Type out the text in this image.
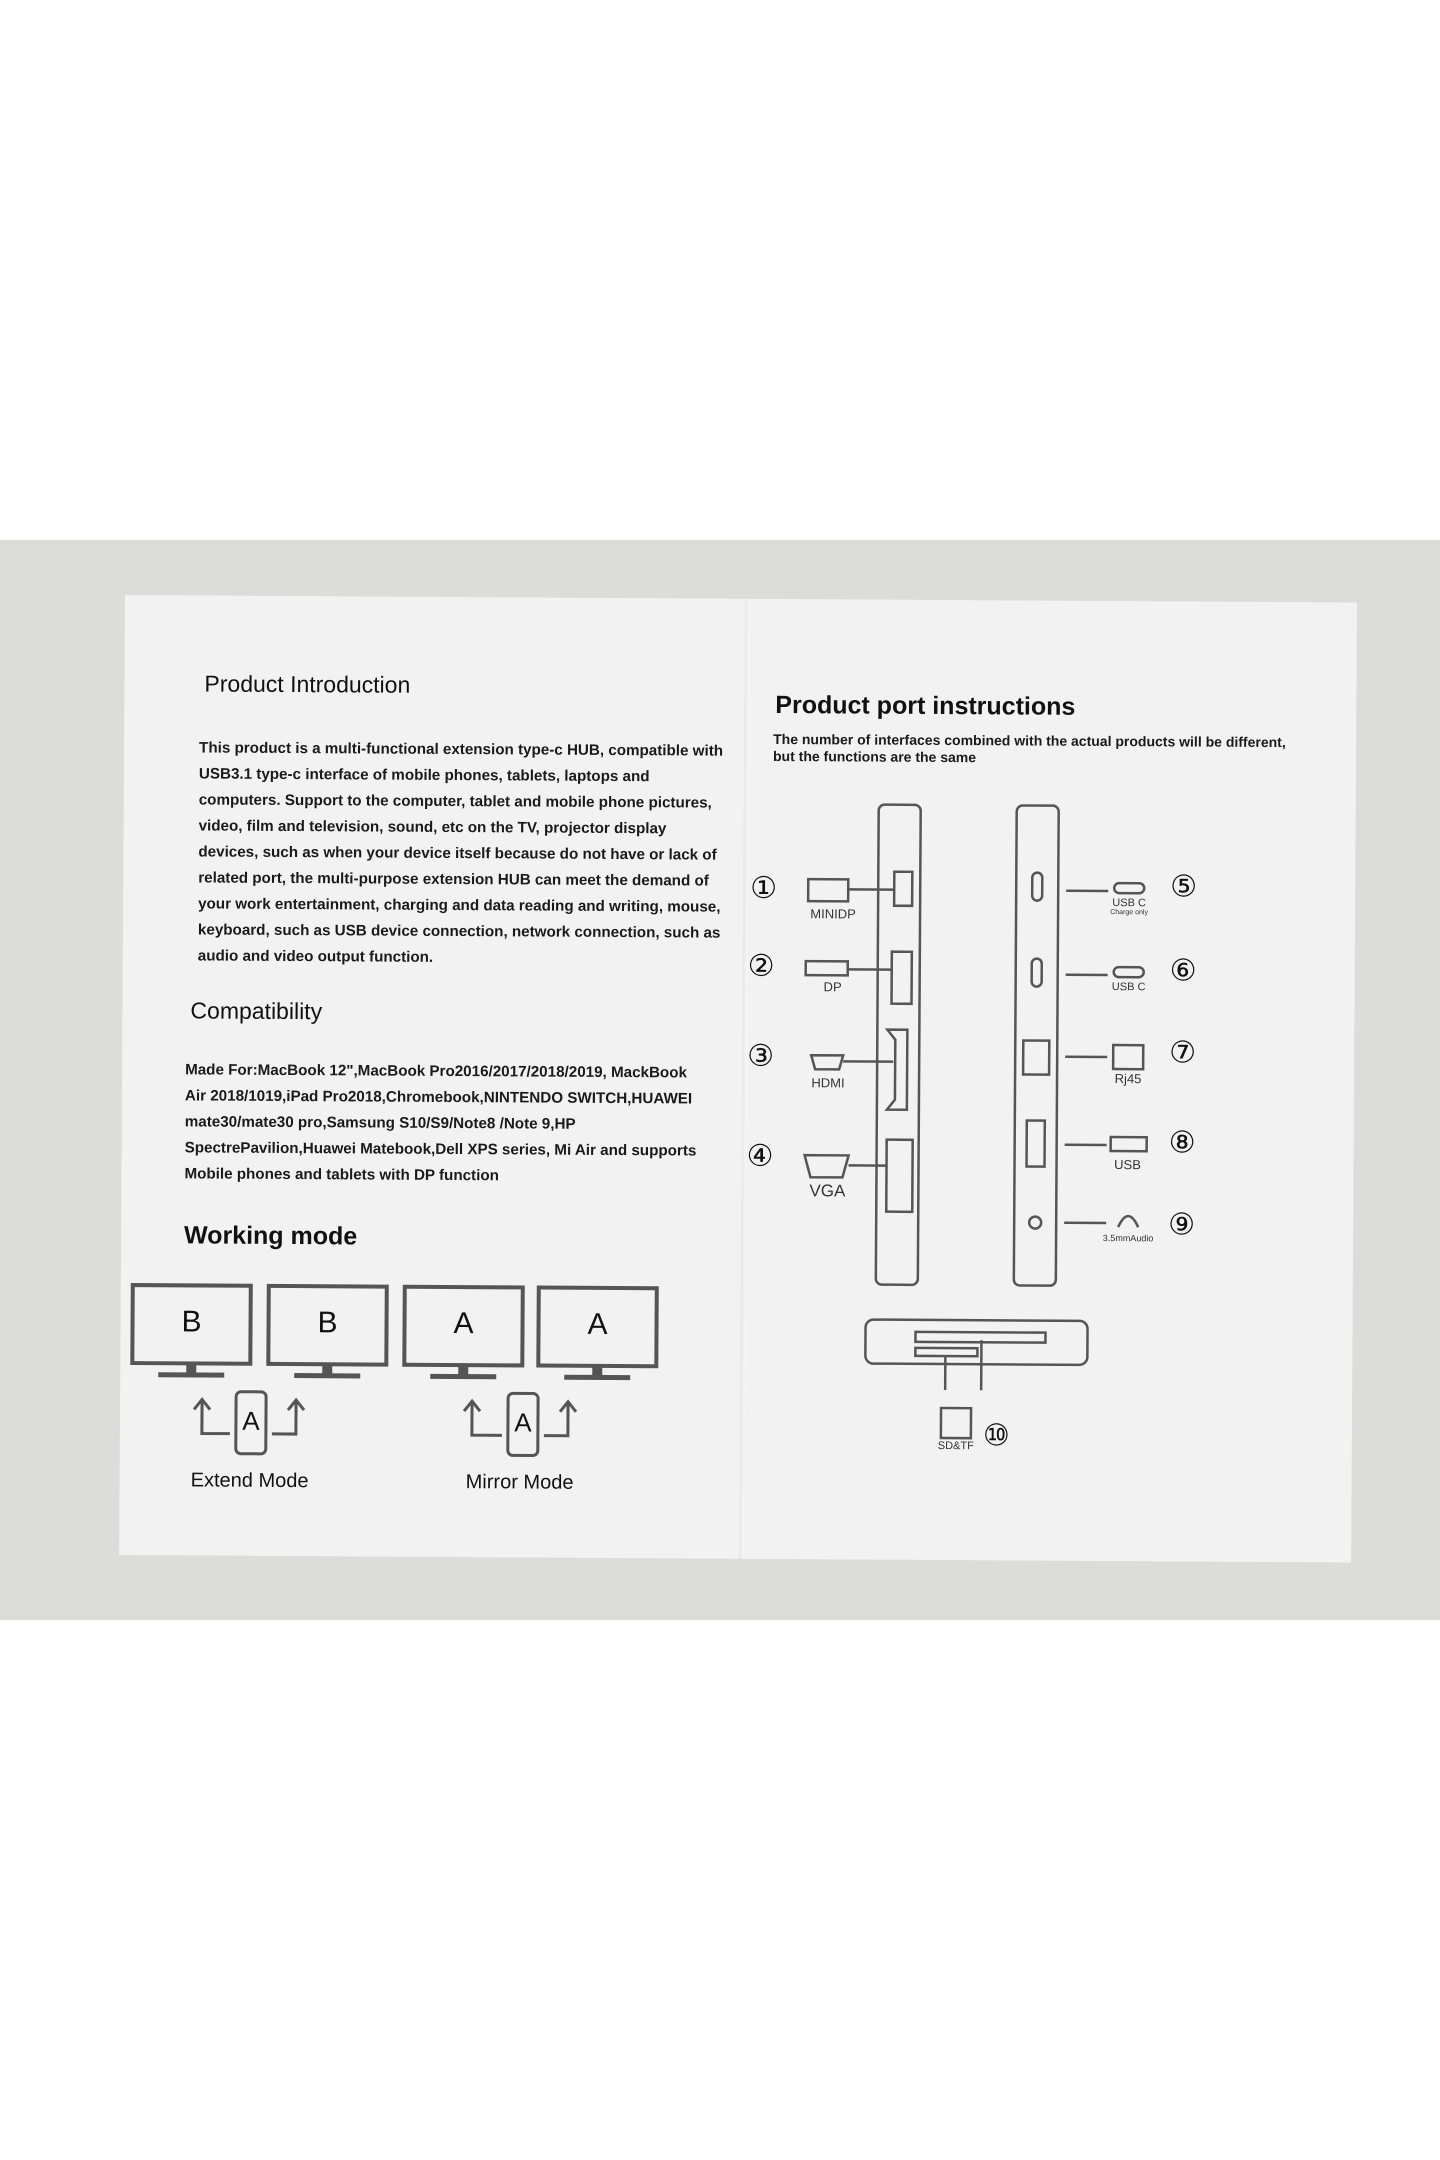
Product Introduction
This product is a multi-functional extension type-c HUB, compatible with USB3.1 type-c interface of mobile phones, tablets, laptops and computers. Support to the computer, tablet and mobile phone pictures, video, film and television, sound, etc on the TV, projector display devices, such as when your device itself because do not have or lack of related port, the multi-purpose extension HUB can meet the demand of your work entertainment, charging and data reading and writing, mouse, keyboard, such as USB device connection, network connection, such as audio and video output function.
Compatibility
Made For:MacBook 12",MacBook Pro2016/2017/2018/2019, MackBook Air 2018/1019,iPad Pro2018,Chromebook,NINTENDO SWITCH,HUAWEI mate30/mate30 pro,Samsung S10/S9/Note8 /Note 9,HP SpectrePavilion,Huawei Matebook,Dell XPS series, Mi Air and supports Mobile phones and tablets with DP function
Working mode
B	B	A	A
A	A
Extend Mode	Mirror Mode
Product port instructions
The number of interfaces combined with the actual products will be different, but the functions are the same
①
MINIDP
②
DP
③
HDMI
④
VGA
USB C
Charge only
⑤
USB C ⑥
Rj45
⑦
USB
⑧
3.5mmAudio ⑨
SD&TF ⑩
